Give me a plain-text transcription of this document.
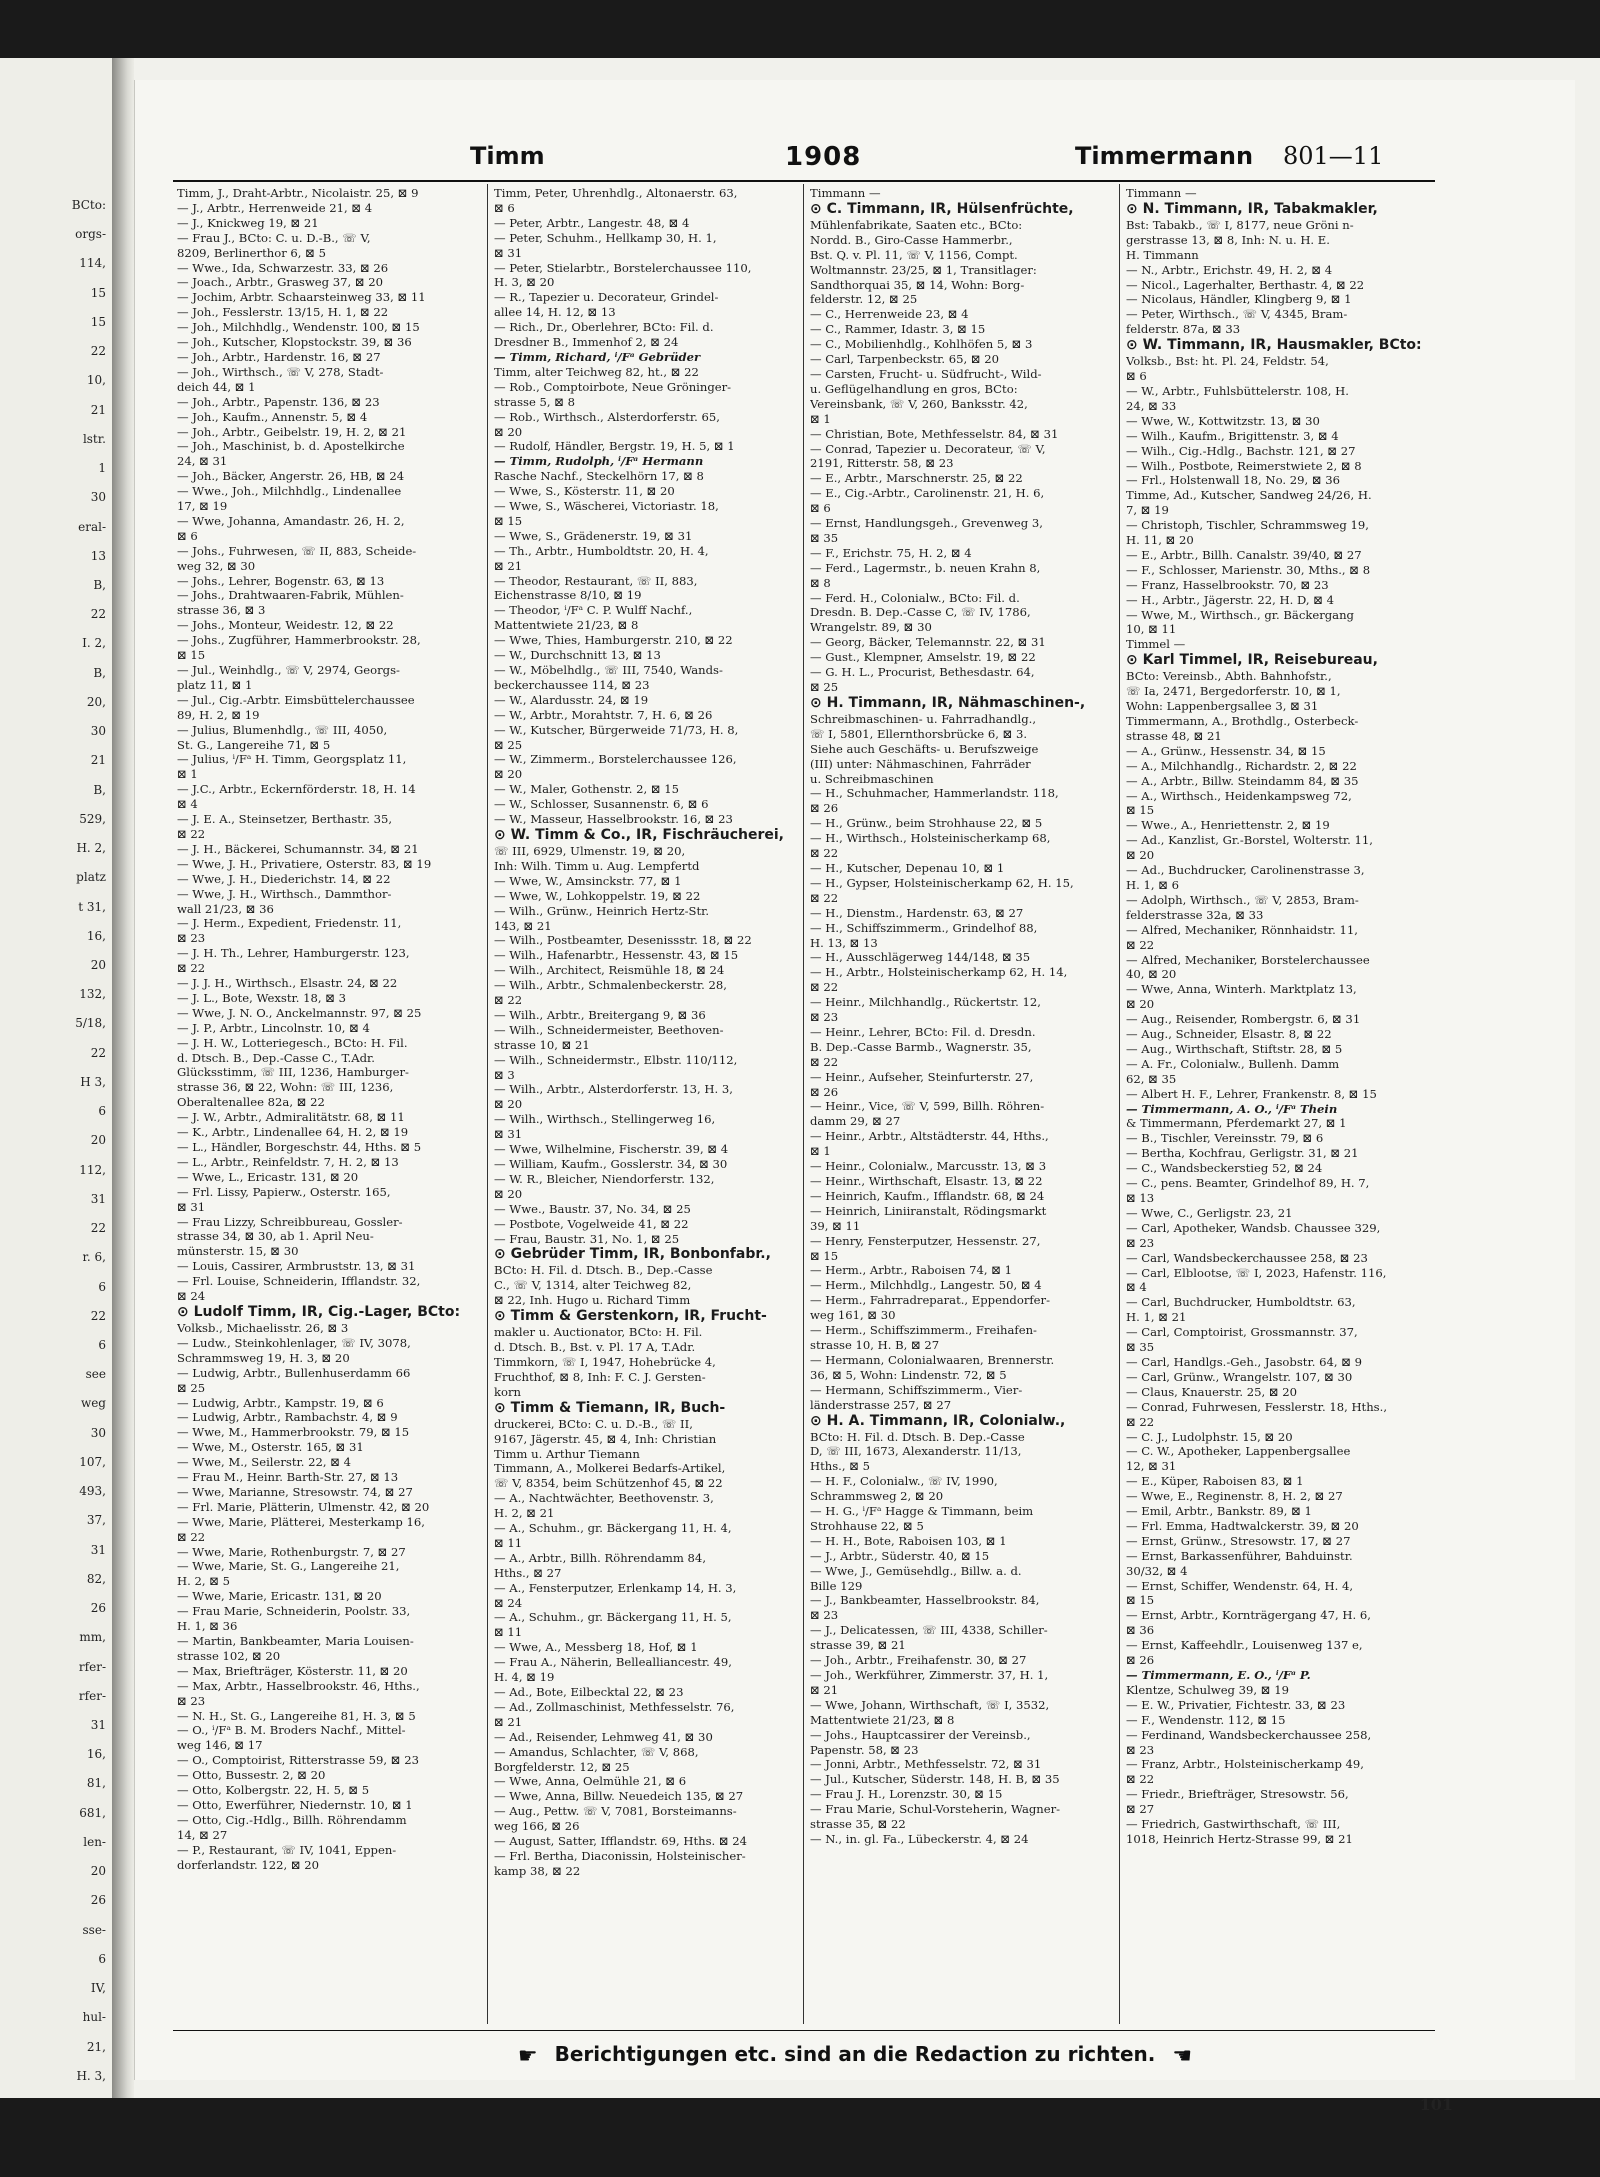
BCto:
orgs-
114,
15
15
22
10,
21
lstr.
1
30
eral-
13
B,
22
I. 2,
B,
20,
30
21
B,
529,
H. 2,
platz
t 31,
16,
20
132,
5/18,
22
H 3,
6
20
112,
31
22
r. 6,
6
22
6
see
weg
30
107,
493,
37,
31
82,
26
mm,
rfer-
rfer-
31
16,
81,
681,
len-
20
26
sse-
6
IV,
hul-
21,
H. 3,
Timm	1908	Timmermann 801—11
Timm, J., Draht-Arbtr., Nicolaistr. 25, ⊠ 9
— J., Arbtr., Herrenweide 21, ⊠ 4
— J., Knickweg 19, ⊠ 21
— Frau J., BCto: C. u. D.-B., ☏ V,
8209, Berlinerthor 6, ⊠ 5
— Wwe., Ida, Schwarzestr. 33, ⊠ 26
— Joach., Arbtr., Grasweg 37, ⊠ 20
— Jochim, Arbtr. Schaarsteinweg 33, ⊠ 11
— Joh., Fesslerstr. 13/15, H. 1, ⊠ 22
— Joh., Milchhdlg., Wendenstr. 100, ⊠ 15
— Joh., Kutscher, Klopstockstr. 39, ⊠ 36
— Joh., Arbtr., Hardenstr. 16, ⊠ 27
— Joh., Wirthsch., ☏ V, 278, Stadt-
deich 44, ⊠ 1
— Joh., Arbtr., Papenstr. 136, ⊠ 23
— Joh., Kaufm., Annenstr. 5, ⊠ 4
— Joh., Arbtr., Geibelstr. 19, H. 2, ⊠ 21
— Joh., Maschinist, b. d. Apostelkirche
24, ⊠ 31
— Joh., Bäcker, Angerstr. 26, HB, ⊠ 24
— Wwe., Joh., Milchhdlg., Lindenallee
17, ⊠ 19
— Wwe, Johanna, Amandastr. 26, H. 2,
⊠ 6
— Johs., Fuhrwesen, ☏ II, 883, Scheide-
weg 32, ⊠ 30
— Johs., Lehrer, Bogenstr. 63, ⊠ 13
— Johs., Drahtwaaren-Fabrik, Mühlen-
strasse 36, ⊠ 3
— Johs., Monteur, Weidestr. 12, ⊠ 22
— Johs., Zugführer, Hammerbrookstr. 28,
⊠ 15
— Jul., Weinhdlg., ☏ V, 2974, Georgs-
platz 11, ⊠ 1
— Jul., Cig.-Arbtr. Eimsbüttelerchaussee
89, H. 2, ⊠ 19
— Julius, Blumenhdlg., ☏ III, 4050,
St. G., Langereihe 71, ⊠ 5
— Julius, ⁱ/Fᵃ H. Timm, Georgsplatz 11,
⊠ 1
— J.C., Arbtr., Eckernförderstr. 18, H. 14
⊠ 4
— J. E. A., Steinsetzer, Berthastr. 35,
⊠ 22
— J. H., Bäckerei, Schumannstr. 34, ⊠ 21
— Wwe, J. H., Privatiere, Osterstr. 83, ⊠ 19
— Wwe, J. H., Diederichstr. 14, ⊠ 22
— Wwe, J. H., Wirthsch., Dammthor-
wall 21/23, ⊠ 36
— J. Herm., Expedient, Friedenstr. 11,
⊠ 23
— J. H. Th., Lehrer, Hamburgerstr. 123,
⊠ 22
— J. J. H., Wirthsch., Elsastr. 24, ⊠ 22
— J. L., Bote, Wexstr. 18, ⊠ 3
— Wwe, J. N. O., Anckelmannstr. 97, ⊠ 25
— J. P., Arbtr., Lincolnstr. 10, ⊠ 4
— J. H. W., Lotteriegesch., BCto: H. Fil.
d. Dtsch. B., Dep.-Casse C., T.Adr.
Glücksstimm, ☏ III, 1236, Hamburger-
strasse 36, ⊠ 22, Wohn: ☏ III, 1236,
Oberaltenallee 82a, ⊠ 22
— J. W., Arbtr., Admiralitätstr. 68, ⊠ 11
— K., Arbtr., Lindenallee 64, H. 2, ⊠ 19
— L., Händler, Borgeschstr. 44, Hths. ⊠ 5
— L., Arbtr., Reinfeldstr. 7, H. 2, ⊠ 13
— Wwe, L., Ericastr. 131, ⊠ 20
— Frl. Lissy, Papierw., Osterstr. 165,
⊠ 31
— Frau Lizzy, Schreibbureau, Gossler-
strasse 34, ⊠ 30, ab 1. April Neu-
münsterstr. 15, ⊠ 30
— Louis, Cassirer, Armbruststr. 13, ⊠ 31
— Frl. Louise, Schneiderin, Ifflandstr. 32,
⊠ 24
⊙ Ludolf Timm, IR, Cig.-Lager, BCto:
Volksb., Michaelisstr. 26, ⊠ 3
— Ludw., Steinkohlenlager, ☏ IV, 3078,
Schrammsweg 19, H. 3, ⊠ 20
— Ludwig, Arbtr., Bullenhuserdamm 66
⊠ 25
— Ludwig, Arbtr., Kampstr. 19, ⊠ 6
— Ludwig, Arbtr., Rambachstr. 4, ⊠ 9
— Wwe, M., Hammerbrookstr. 79, ⊠ 15
— Wwe, M., Osterstr. 165, ⊠ 31
— Wwe, M., Seilerstr. 22, ⊠ 4
— Frau M., Heinr. Barth-Str. 27, ⊠ 13
— Wwe, Marianne, Stresowstr. 74, ⊠ 27
— Frl. Marie, Plätterin, Ulmenstr. 42, ⊠ 20
— Wwe, Marie, Plätterei, Mesterkamp 16,
⊠ 22
— Wwe, Marie, Rothenburgstr. 7, ⊠ 27
— Wwe, Marie, St. G., Langereihe 21,
H. 2, ⊠ 5
— Wwe, Marie, Ericastr. 131, ⊠ 20
— Frau Marie, Schneiderin, Poolstr. 33,
H. 1, ⊠ 36
— Martin, Bankbeamter, Maria Louisen-
strasse 102, ⊠ 20
— Max, Briefträger, Kösterstr. 11, ⊠ 20
— Max, Arbtr., Hasselbrookstr. 46, Hths.,
⊠ 23
— N. H., St. G., Langereihe 81, H. 3, ⊠ 5
— O., ⁱ/Fᵃ B. M. Broders Nachf., Mittel-
weg 146, ⊠ 17
— O., Comptoirist, Ritterstrasse 59, ⊠ 23
— Otto, Bussestr. 2, ⊠ 20
— Otto, Kolbergstr. 22, H. 5, ⊠ 5
— Otto, Ewerführer, Niedernstr. 10, ⊠ 1
— Otto, Cig.-Hdlg., Billh. Röhrendamm
14, ⊠ 27
— P., Restaurant, ☏ IV, 1041, Eppen-
dorferlandstr. 122, ⊠ 20
Timm, Peter, Uhrenhdlg., Altonaerstr. 63,
⊠ 6
— Peter, Arbtr., Langestr. 48, ⊠ 4
— Peter, Schuhm., Hellkamp 30, H. 1,
⊠ 31
— Peter, Stielarbtr., Borstelerchaussee 110,
H. 3, ⊠ 20
— R., Tapezier u. Decorateur, Grindel-
allee 14, H. 12, ⊠ 13
— Rich., Dr., Oberlehrer, BCto: Fil. d.
Dresdner B., Immenhof 2, ⊠ 24
— Timm, Richard, ⁱ/Fᵃ Gebrüder
Timm, alter Teichweg 82, ht., ⊠ 22
— Rob., Comptoirbote, Neue Gröninger-
strasse 5, ⊠ 8
— Rob., Wirthsch., Alsterdorferstr. 65,
⊠ 20
— Rudolf, Händler, Bergstr. 19, H. 5, ⊠ 1
— Timm, Rudolph, ⁱ/Fᵃ Hermann
Rasche Nachf., Steckelhörn 17, ⊠ 8
— Wwe, S., Kösterstr. 11, ⊠ 20
— Wwe, S., Wäscherei, Victoriastr. 18,
⊠ 15
— Wwe, S., Grädenerstr. 19, ⊠ 31
— Th., Arbtr., Humboldtstr. 20, H. 4,
⊠ 21
— Theodor, Restaurant, ☏ II, 883,
Eichenstrasse 8/10, ⊠ 19
— Theodor, ⁱ/Fᵃ C. P. Wulff Nachf.,
Mattentwiete 21/23, ⊠ 8
— Wwe, Thies, Hamburgerstr. 210, ⊠ 22
— W., Durchschnitt 13, ⊠ 13
— W., Möbelhdlg., ☏ III, 7540, Wands-
beckerchaussee 114, ⊠ 23
— W., Alardusstr. 24, ⊠ 19
— W., Arbtr., Morahtstr. 7, H. 6, ⊠ 26
— W., Kutscher, Bürgerweide 71/73, H. 8,
⊠ 25
— W., Zimmerm., Borstelerchaussee 126,
⊠ 20
— W., Maler, Gothenstr. 2, ⊠ 15
— W., Schlosser, Susannenstr. 6, ⊠ 6
— W., Masseur, Hasselbrookstr. 16, ⊠ 23
⊙ W. Timm & Co., IR, Fischräucherei,
☏ III, 6929, Ulmenstr. 19, ⊠ 20,
Inh: Wilh. Timm u. Aug. Lempfertd
— Wwe, W., Amsinckstr. 77, ⊠ 1
— Wwe, W., Lohkoppelstr. 19, ⊠ 22
— Wilh., Grünw., Heinrich Hertz-Str.
143, ⊠ 21
— Wilh., Postbeamter, Desenissstr. 18, ⊠ 22
— Wilh., Hafenarbtr., Hessenstr. 43, ⊠ 15
— Wilh., Architect, Reismühle 18, ⊠ 24
— Wilh., Arbtr., Schmalenbeckerstr. 28,
⊠ 22
— Wilh., Arbtr., Breitergang 9, ⊠ 36
— Wilh., Schneidermeister, Beethoven-
strasse 10, ⊠ 21
— Wilh., Schneidermstr., Elbstr. 110/112,
⊠ 3
— Wilh., Arbtr., Alsterdorferstr. 13, H. 3,
⊠ 20
— Wilh., Wirthsch., Stellingerweg 16,
⊠ 31
— Wwe, Wilhelmine, Fischerstr. 39, ⊠ 4
— William, Kaufm., Gosslerstr. 34, ⊠ 30
— W. R., Bleicher, Niendorferstr. 132,
⊠ 20
— Wwe., Baustr. 37, No. 34, ⊠ 25
— Postbote, Vogelweide 41, ⊠ 22
— Frau, Baustr. 31, No. 1, ⊠ 25
⊙ Gebrüder Timm, IR, Bonbonfabr.,
BCto: H. Fil. d. Dtsch. B., Dep.-Casse
C., ☏ V, 1314, alter Teichweg 82,
⊠ 22, Inh. Hugo u. Richard Timm
⊙ Timm & Gerstenkorn, IR, Frucht-
makler u. Auctionator, BCto: H. Fil.
d. Dtsch. B., Bst. v. Pl. 17 A, T.Adr.
Timmkorn, ☏ I, 1947, Hohebrücke 4,
Fruchthof, ⊠ 8, Inh: F. C. J. Gersten-
korn
⊙ Timm & Tiemann, IR, Buch-
druckerei, BCto: C. u. D.-B., ☏ II,
9167, Jägerstr. 45, ⊠ 4, Inh: Christian
Timm u. Arthur Tiemann
Timmann, A., Molkerei Bedarfs-Artikel,
☏ V, 8354, beim Schützenhof 45, ⊠ 22
— A., Nachtwächter, Beethovenstr. 3,
H. 2, ⊠ 21
— A., Schuhm., gr. Bäckergang 11, H. 4,
⊠ 11
— A., Arbtr., Billh. Röhrendamm 84,
Hths., ⊠ 27
— A., Fensterputzer, Erlenkamp 14, H. 3,
⊠ 24
— A., Schuhm., gr. Bäckergang 11, H. 5,
⊠ 11
— Wwe, A., Messberg 18, Hof, ⊠ 1
— Frau A., Näherin, Bellealliancestr. 49,
H. 4, ⊠ 19
— Ad., Bote, Eilbecktal 22, ⊠ 23
— Ad., Zollmaschinist, Methfesselstr. 76,
⊠ 21
— Ad., Reisender, Lehmweg 41, ⊠ 30
— Amandus, Schlachter, ☏ V, 868,
Borgfelderstr. 12, ⊠ 25
— Wwe, Anna, Oelmühle 21, ⊠ 6
— Wwe, Anna, Billw. Neuedeich 135, ⊠ 27
— Aug., Pettw. ☏ V, 7081, Borsteimanns-
weg 166, ⊠ 26
— August, Satter, Ifflandstr. 69, Hths. ⊠ 24
— Frl. Bertha, Diaconissin, Holsteinischer-
kamp 38, ⊠ 22
Timmann —
⊙ C. Timmann, IR, Hülsenfrüchte,
Mühlenfabrikate, Saaten etc., BCto:
Nordd. B., Giro-Casse Hammerbr.,
Bst. Q. v. Pl. 11, ☏ V, 1156, Compt.
Woltmannstr. 23/25, ⊠ 1, Transitlager:
Sandthorquai 35, ⊠ 14, Wohn: Borg-
felderstr. 12, ⊠ 25
— C., Herrenweide 23, ⊠ 4
— C., Rammer, Idastr. 3, ⊠ 15
— C., Mobilienhdlg., Kohlhöfen 5, ⊠ 3
— Carl, Tarpenbeckstr. 65, ⊠ 20
— Carsten, Frucht- u. Südfrucht-, Wild-
u. Geflügelhandlung en gros, BCto:
Vereinsbank, ☏ V, 260, Banksstr. 42,
⊠ 1
— Christian, Bote, Methfesselstr. 84, ⊠ 31
— Conrad, Tapezier u. Decorateur, ☏ V,
2191, Ritterstr. 58, ⊠ 23
— E., Arbtr., Marschnerstr. 25, ⊠ 22
— E., Cig.-Arbtr., Carolinenstr. 21, H. 6,
⊠ 6
— Ernst, Handlungsgeh., Grevenweg 3,
⊠ 35
— F., Erichstr. 75, H. 2, ⊠ 4
— Ferd., Lagermstr., b. neuen Krahn 8,
⊠ 8
— Ferd. H., Colonialw., BCto: Fil. d.
Dresdn. B. Dep.-Casse C, ☏ IV, 1786,
Wrangelstr. 89, ⊠ 30
— Georg, Bäcker, Telemannstr. 22, ⊠ 31
— Gust., Klempner, Amselstr. 19, ⊠ 22
— G. H. L., Procurist, Bethesdastr. 64,
⊠ 25
⊙ H. Timmann, IR, Nähmaschinen-,
Schreibmaschinen- u. Fahrradhandlg.,
☏ I, 5801, Ellernthorsbrücke 6, ⊠ 3.
Siehe auch Geschäfts- u. Berufszweige
(III) unter: Nähmaschinen, Fahrräder
u. Schreibmaschinen
— H., Schuhmacher, Hammerlandstr. 118,
⊠ 26
— H., Grünw., beim Strohhause 22, ⊠ 5
— H., Wirthsch., Holsteinischerkamp 68,
⊠ 22
— H., Kutscher, Depenau 10, ⊠ 1
— H., Gypser, Holsteinischerkamp 62, H. 15,
⊠ 22
— H., Dienstm., Hardenstr. 63, ⊠ 27
— H., Schiffszimmerm., Grindelhof 88,
H. 13, ⊠ 13
— H., Ausschlägerweg 144/148, ⊠ 35
— H., Arbtr., Holsteinischerkamp 62, H. 14,
⊠ 22
— Heinr., Milchhandlg., Rückertstr. 12,
⊠ 23
— Heinr., Lehrer, BCto: Fil. d. Dresdn.
B. Dep.-Casse Barmb., Wagnerstr. 35,
⊠ 22
— Heinr., Aufseher, Steinfurterstr. 27,
⊠ 26
— Heinr., Vice, ☏ V, 599, Billh. Röhren-
damm 29, ⊠ 27
— Heinr., Arbtr., Altstädterstr. 44, Hths.,
⊠ 1
— Heinr., Colonialw., Marcusstr. 13, ⊠ 3
— Heinr., Wirthschaft, Elsastr. 13, ⊠ 22
— Heinrich, Kaufm., Ifflandstr. 68, ⊠ 24
— Heinrich, Liniiranstalt, Rödingsmarkt
39, ⊠ 11
— Henry, Fensterputzer, Hessenstr. 27,
⊠ 15
— Herm., Arbtr., Raboisen 74, ⊠ 1
— Herm., Milchhdlg., Langestr. 50, ⊠ 4
— Herm., Fahrradreparat., Eppendorfer-
weg 161, ⊠ 30
— Herm., Schiffszimmerm., Freihafen-
strasse 10, H. B, ⊠ 27
— Hermann, Colonialwaaren, Brennerstr.
36, ⊠ 5, Wohn: Lindenstr. 72, ⊠ 5
— Hermann, Schiffszimmerm., Vier-
länderstrasse 257, ⊠ 27
⊙ H. A. Timmann, IR, Colonialw.,
BCto: H. Fil. d. Dtsch. B. Dep.-Casse
D, ☏ III, 1673, Alexanderstr. 11/13,
Hths., ⊠ 5
— H. F., Colonialw., ☏ IV, 1990,
Schrammsweg 2, ⊠ 20
— H. G., ⁱ/Fᵃ Hagge & Timmann, beim
Strohhause 22, ⊠ 5
— H. H., Bote, Raboisen 103, ⊠ 1
— J., Arbtr., Süderstr. 40, ⊠ 15
— Wwe, J., Gemüsehdlg., Billw. a. d.
Bille 129
— J., Bankbeamter, Hasselbrookstr. 84,
⊠ 23
— J., Delicatessen, ☏ III, 4338, Schiller-
strasse 39, ⊠ 21
— Joh., Arbtr., Freihafenstr. 30, ⊠ 27
— Joh., Werkführer, Zimmerstr. 37, H. 1,
⊠ 21
— Wwe, Johann, Wirthschaft, ☏ I, 3532,
Mattentwiete 21/23, ⊠ 8
— Johs., Hauptcassirer der Vereinsb.,
Papenstr. 58, ⊠ 23
— Jonni, Arbtr., Methfesselstr. 72, ⊠ 31
— Jul., Kutscher, Süderstr. 148, H. B, ⊠ 35
— Frau J. H., Lorenzstr. 30, ⊠ 15
— Frau Marie, Schul-Vorsteherin, Wagner-
strasse 35, ⊠ 22
— N., in. gl. Fa., Lübeckerstr. 4, ⊠ 24
Timmann —
⊙ N. Timmann, IR, Tabakmakler,
Bst: Tabakb., ☏ I, 8177, neue Gröni n-
gerstrasse 13, ⊠ 8, Inh: N. u. H. E.
H. Timmann
— N., Arbtr., Erichstr. 49, H. 2, ⊠ 4
— Nicol., Lagerhalter, Berthastr. 4, ⊠ 22
— Nicolaus, Händler, Klingberg 9, ⊠ 1
— Peter, Wirthsch., ☏ V, 4345, Bram-
felderstr. 87a, ⊠ 33
⊙ W. Timmann, IR, Hausmakler, BCto:
Volksb., Bst: ht. Pl. 24, Feldstr. 54,
⊠ 6
— W., Arbtr., Fuhlsbüttelerstr. 108, H.
24, ⊠ 33
— Wwe, W., Kottwitzstr. 13, ⊠ 30
— Wilh., Kaufm., Brigittenstr. 3, ⊠ 4
— Wilh., Cig.-Hdlg., Bachstr. 121, ⊠ 27
— Wilh., Postbote, Reimerstwiete 2, ⊠ 8
— Frl., Holstenwall 18, No. 29, ⊠ 36
Timme, Ad., Kutscher, Sandweg 24/26, H.
7, ⊠ 19
— Christoph, Tischler, Schrammsweg 19,
H. 11, ⊠ 20
— E., Arbtr., Billh. Canalstr. 39/40, ⊠ 27
— F., Schlosser, Marienstr. 30, Mths., ⊠ 8
— Franz, Hasselbrookstr. 70, ⊠ 23
— H., Arbtr., Jägerstr. 22, H. D, ⊠ 4
— Wwe, M., Wirthsch., gr. Bäckergang
10, ⊠ 11
Timmel —
⊙ Karl Timmel, IR, Reisebureau,
BCto: Vereinsb., Abth. Bahnhofstr.,
☏ Ia, 2471, Bergedorferstr. 10, ⊠ 1,
Wohn: Lappenbergsallee 3, ⊠ 31
Timmermann, A., Brothdlg., Osterbeck-
strasse 48, ⊠ 21
— A., Grünw., Hessenstr. 34, ⊠ 15
— A., Milchhandlg., Richardstr. 2, ⊠ 22
— A., Arbtr., Billw. Steindamm 84, ⊠ 35
— A., Wirthsch., Heidenkampsweg 72,
⊠ 15
— Wwe., A., Henriettenstr. 2, ⊠ 19
— Ad., Kanzlist, Gr.-Borstel, Wolterstr. 11,
⊠ 20
— Ad., Buchdrucker, Carolinenstrasse 3,
H. 1, ⊠ 6
— Adolph, Wirthsch., ☏ V, 2853, Bram-
felderstrasse 32a, ⊠ 33
— Alfred, Mechaniker, Rönnhaidstr. 11,
⊠ 22
— Alfred, Mechaniker, Borstelerchaussee
40, ⊠ 20
— Wwe, Anna, Winterh. Marktplatz 13,
⊠ 20
— Aug., Reisender, Rombergstr. 6, ⊠ 31
— Aug., Schneider, Elsastr. 8, ⊠ 22
— Aug., Wirthschaft, Stiftstr. 28, ⊠ 5
— A. Fr., Colonialw., Bullenh. Damm
62, ⊠ 35
— Albert H. F., Lehrer, Frankenstr. 8, ⊠ 15
— Timmermann, A. O., ⁱ/Fᵃ Thein
& Timmermann, Pferdemarkt 27, ⊠ 1
— B., Tischler, Vereinsstr. 79, ⊠ 6
— Bertha, Kochfrau, Gerligstr. 31, ⊠ 21
— C., Wandsbeckerstieg 52, ⊠ 24
— C., pens. Beamter, Grindelhof 89, H. 7,
⊠ 13
— Wwe, C., Gerligstr. 23, 21
— Carl, Apotheker, Wandsb. Chaussee 329,
⊠ 23
— Carl, Wandsbeckerchaussee 258, ⊠ 23
— Carl, Elblootse, ☏ I, 2023, Hafenstr. 116,
⊠ 4
— Carl, Buchdrucker, Humboldtstr. 63,
H. 1, ⊠ 21
— Carl, Comptoirist, Grossmannstr. 37,
⊠ 35
— Carl, Handlgs.-Geh., Jasobstr. 64, ⊠ 9
— Carl, Grünw., Wrangelstr. 107, ⊠ 30
— Claus, Knauerstr. 25, ⊠ 20
— Conrad, Fuhrwesen, Fesslerstr. 18, Hths.,
⊠ 22
— C. J., Ludolphstr. 15, ⊠ 20
— C. W., Apotheker, Lappenbergsallee
12, ⊠ 31
— E., Küper, Raboisen 83, ⊠ 1
— Wwe, E., Reginenstr. 8, H. 2, ⊠ 27
— Emil, Arbtr., Bankstr. 89, ⊠ 1
— Frl. Emma, Hadtwalckerstr. 39, ⊠ 20
— Ernst, Grünw., Stresowstr. 17, ⊠ 27
— Ernst, Barkassenführer, Bahduinstr.
30/32, ⊠ 4
— Ernst, Schiffer, Wendenstr. 64, H. 4,
⊠ 15
— Ernst, Arbtr., Kornträgergang 47, H. 6,
⊠ 36
— Ernst, Kaffeehdlr., Louisenweg 137 e,
⊠ 26
— Timmermann, E. O., ⁱ/Fᵃ P.
Klentze, Schulweg 39, ⊠ 19
— E. W., Privatier, Fichtestr. 33, ⊠ 23
— F., Wendenstr. 112, ⊠ 15
— Ferdinand, Wandsbeckerchaussee 258,
⊠ 23
— Franz, Arbtr., Holsteinischerkamp 49,
⊠ 22
— Friedr., Briefträger, Stresowstr. 56,
⊠ 27
— Friedrich, Gastwirthschaft, ☏ III,
1018, Heinrich Hertz-Strasse 99, ⊠ 21
☛ Berichtigungen etc. sind an die Redaction zu richten. ☚
101
